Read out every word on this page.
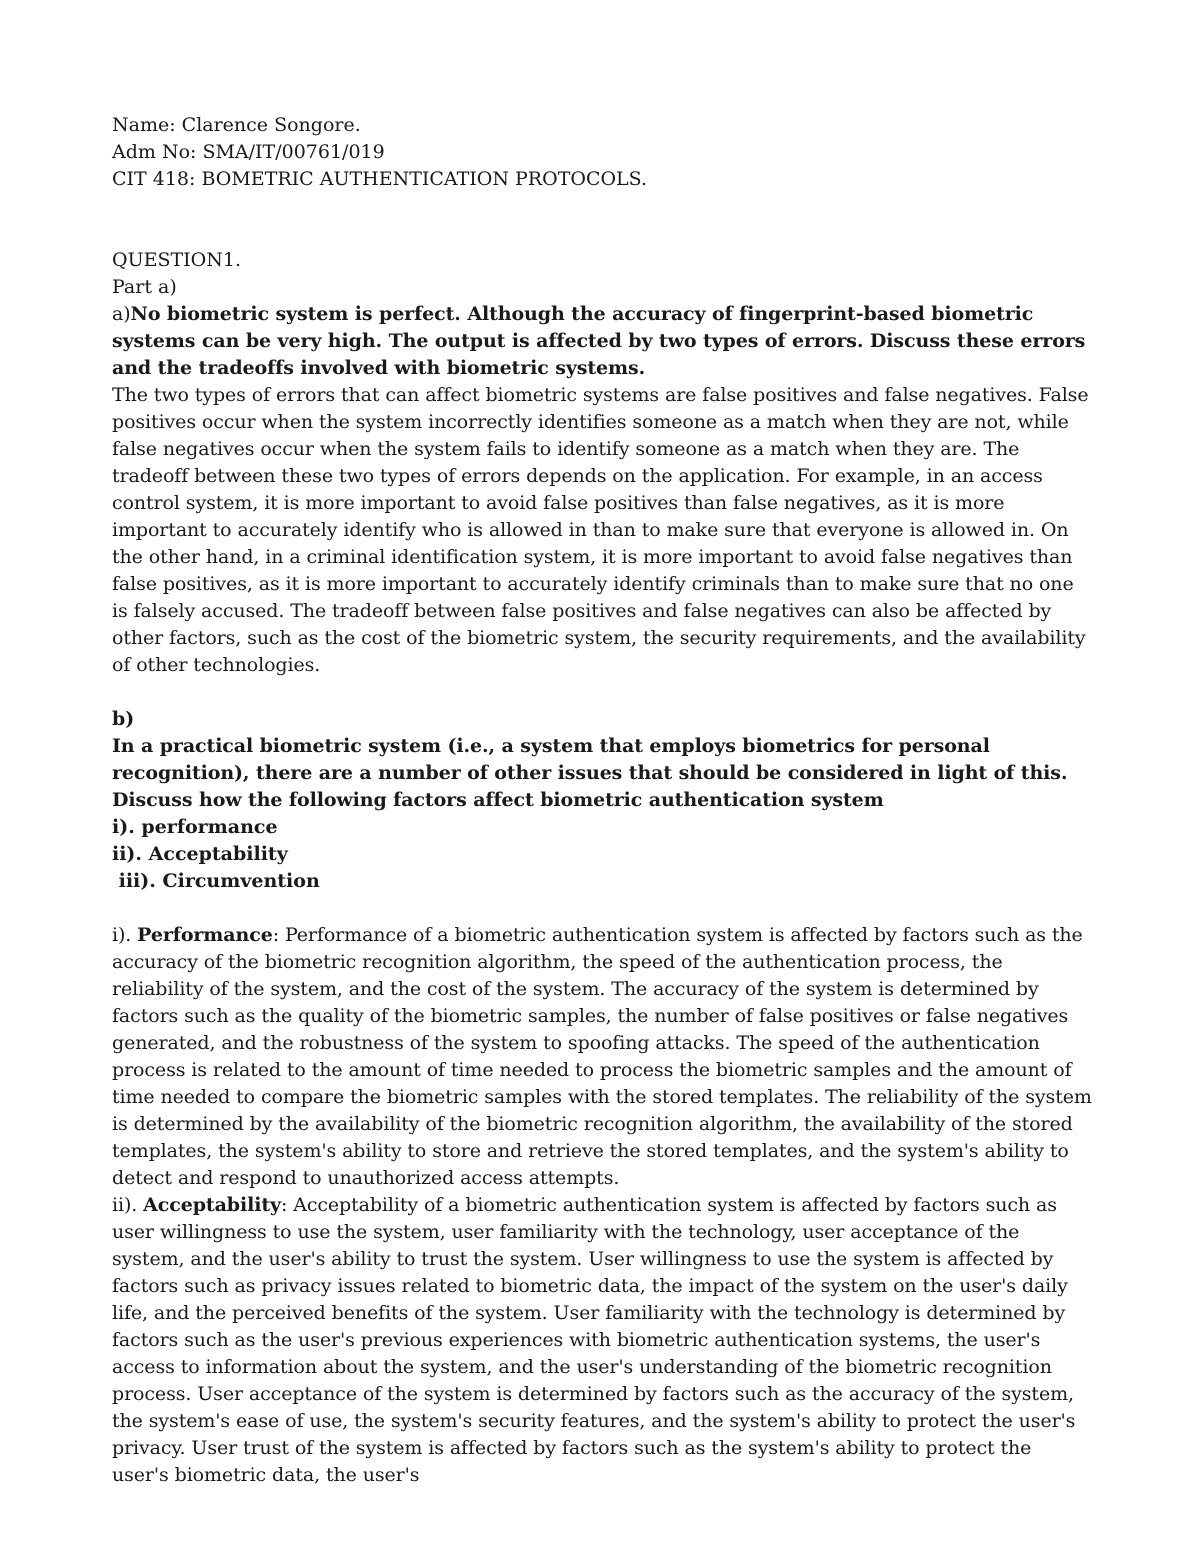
Name: Clarence Songore.
Adm No: SMA/IT/00761/019
CIT 418: BOMETRIC AUTHENTICATION PROTOCOLS.
QUESTION1.
Part a)

a)No biometric system is perfect. Although the accuracy of fingerprint-based biometric systems can be very high. The output is affected by two types of errors. Discuss these errors and the tradeoffs involved with biometric systems.

The two types of errors that can affect biometric systems are false positives and false negatives. False positives occur when the system incorrectly identifies someone as a match when they are not, while false negatives occur when the system fails to identify someone as a match when they are. The tradeoff between these two types of errors depends on the application. For example, in an access control system, it is more important to avoid false positives than false negatives, as it is more important to accurately identify who is allowed in than to make sure that everyone is allowed in. On the other hand, in a criminal identification system, it is more important to avoid false negatives than false positives, as it is more important to accurately identify criminals than to make sure that no one is falsely accused. The tradeoff between false positives and false negatives can also be affected by other factors, such as the cost of the biometric system, the security requirements, and the availability of other technologies.

b)

In a practical biometric system (i.e., a system that employs biometrics for personal recognition), there are a number of other issues that should be considered in light of this. Discuss how the following factors affect biometric authentication system

i). performance
ii). Acceptability
iii). Circumvention

i). Performance: Performance of a biometric authentication system is affected by factors such as the accuracy of the biometric recognition algorithm, the speed of the authentication process, the reliability of the system, and the cost of the system. The accuracy of the system is determined by factors such as the quality of the biometric samples, the number of false positives or false negatives generated, and the robustness of the system to spoofing attacks. The speed of the authentication process is related to the amount of time needed to process the biometric samples and the amount of time needed to compare the biometric samples with the stored templates. The reliability of the system is determined by the availability of the biometric recognition algorithm, the availability of the stored templates, the system's ability to store and retrieve the stored templates, and the system's ability to detect and respond to unauthorized access attempts.

ii). Acceptability: Acceptability of a biometric authentication system is affected by factors such as user willingness to use the system, user familiarity with the technology, user acceptance of the system, and the user's ability to trust the system. User willingness to use the system is affected by factors such as privacy issues related to biometric data, the impact of the system on the user's daily life, and the perceived benefits of the system. User familiarity with the technology is determined by factors such as the user's previous experiences with biometric authentication systems, the user's access to information about the system, and the user's understanding of the biometric recognition process. User acceptance of the system is determined by factors such as the accuracy of the system, the system's ease of use, the system's security features, and the system's ability to protect the user's privacy. User trust of the system is affected by factors such as the system's ability to protect the user's biometric data, the user's
